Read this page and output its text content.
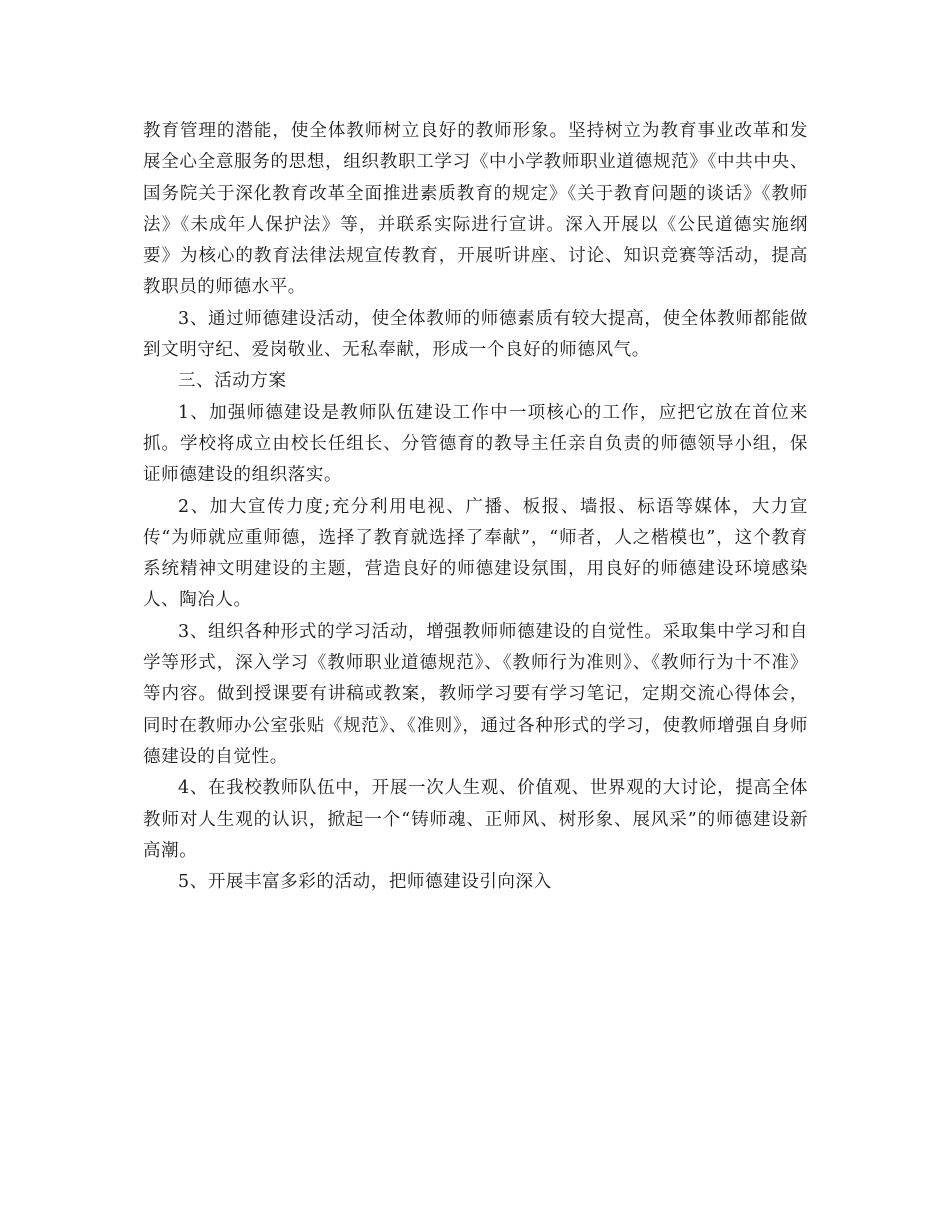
教育管理的潜能，使全体教师树立良好的教师形象。坚持树立为教育事业改革和发展全心全意服务的思想，组织教职工学习《中小学教师职业道德规范》《中共中央、国务院关于深化教育改革全面推进素质教育的规定》《关于教育问题的谈话》《教师法》《未成年人保护法》等，并联系实际进行宣讲。深入开展以《公民道德实施纲要》为核心的教育法律法规宣传教育，开展听讲座、讨论、知识竞赛等活动，提高教职员的师德水平。

3、通过师德建设活动，使全体教师的师德素质有较大提高，使全体教师都能做到文明守纪、爱岗敬业、无私奉献，形成一个良好的师德风气。

三、活动方案

1、加强师德建设是教师队伍建设工作中一项核心的工作，应把它放在首位来抓。学校将成立由校长任组长、分管德育的教导主任亲自负责的师德领导小组，保证师德建设的组织落实。

2、加大宣传力度;充分利用电视、广播、板报、墙报、标语等媒体，大力宣传“为师就应重师德，选择了教育就选择了奉献”，“师者，人之楷模也”，这个教育系统精神文明建设的主题，营造良好的师德建设氛围，用良好的师德建设环境感染人、陶冶人。

3、组织各种形式的学习活动，增强教师师德建设的自觉性。采取集中学习和自学等形式，深入学习《教师职业道德规范》、《教师行为准则》、《教师行为十不准》等内容。做到授课要有讲稿或教案，教师学习要有学习笔记，定期交流心得体会，同时在教师办公室张贴《规范》、《准则》，通过各种形式的学习，使教师增强自身师德建设的自觉性。

4、在我校教师队伍中，开展一次人生观、价值观、世界观的大讨论，提高全体教师对人生观的认识，掀起一个“铸师魂、正师风、树形象、展风采”的师德建设新高潮。

5、开展丰富多彩的活动，把师德建设引向深入
